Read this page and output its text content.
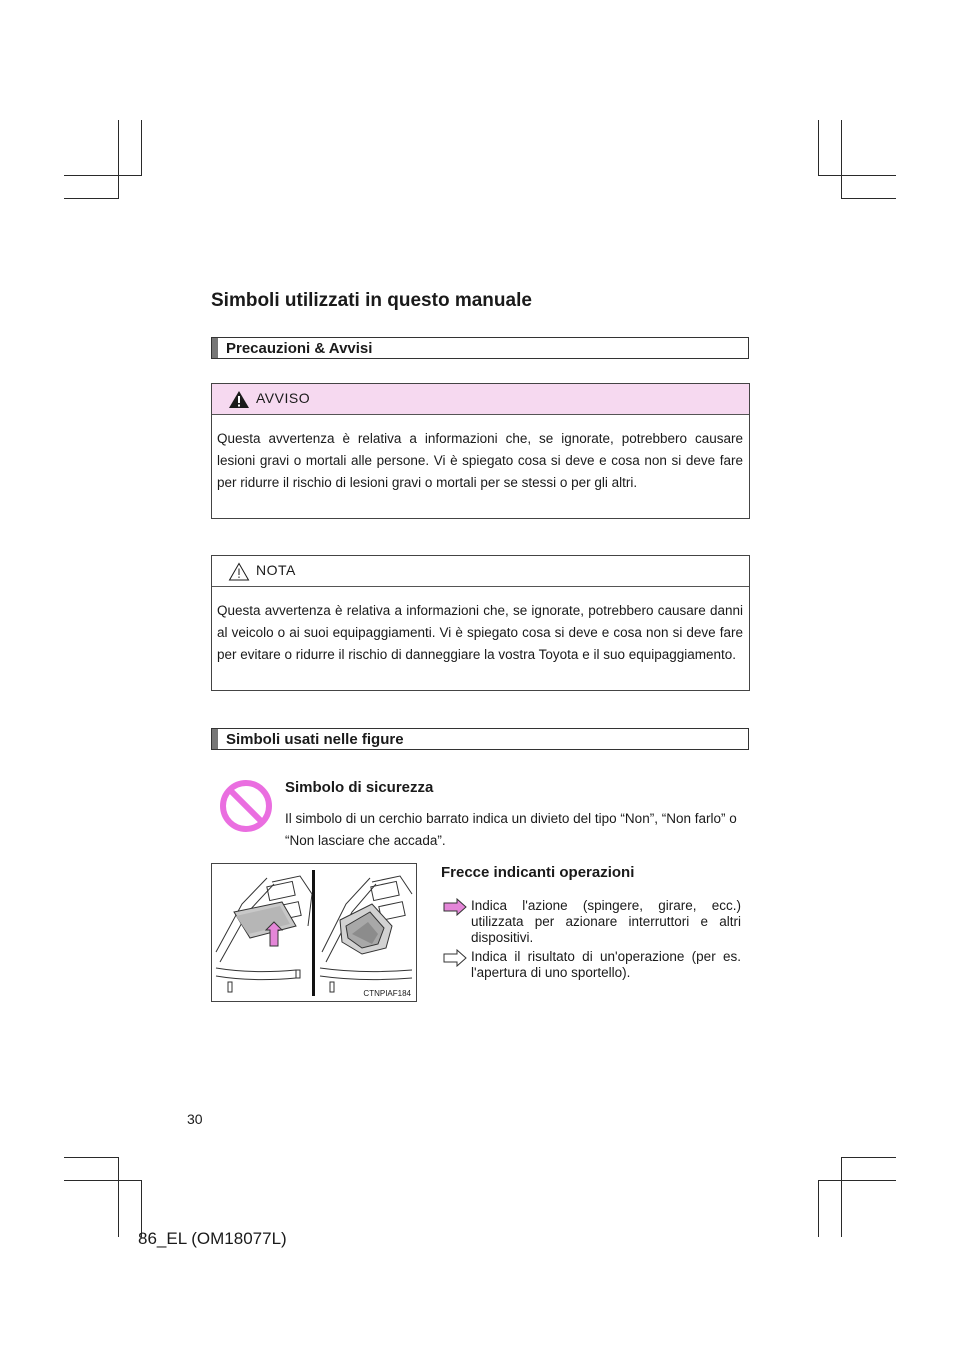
Simboli utilizzati in questo manuale
Precauzioni & Avvisi
AVVISO
Questa avvertenza è relativa a informazioni che, se ignorate, potrebbero causare lesioni gravi o mortali alle persone. Vi è spiegato cosa si deve e cosa non si deve fare per ridurre il rischio di lesioni gravi o mortali per se stessi o per gli altri.
NOTA
Questa avvertenza è relativa a informazioni che, se ignorate, potrebbero causare danni al veicolo o ai suoi equipaggiamenti. Vi è spiegato cosa si deve e cosa non si deve fare per evitare o ridurre il rischio di danneggiare la vostra Toyota e il suo equipaggiamento.
Simboli usati nelle figure
Simbolo di sicurezza
Il simbolo di un cerchio barrato indica un divieto del tipo “Non”, “Non farlo” o “Non lasciare che accada”.
CTNPIAF184
Frecce indicanti operazioni
Indica l'azione (spingere, girare, ecc.) utilizzata per azionare interruttori e altri dispositivi.
Indica il risultato di un'operazione (per es. l'apertura di uno sportello).
30
86_EL (OM18077L)
